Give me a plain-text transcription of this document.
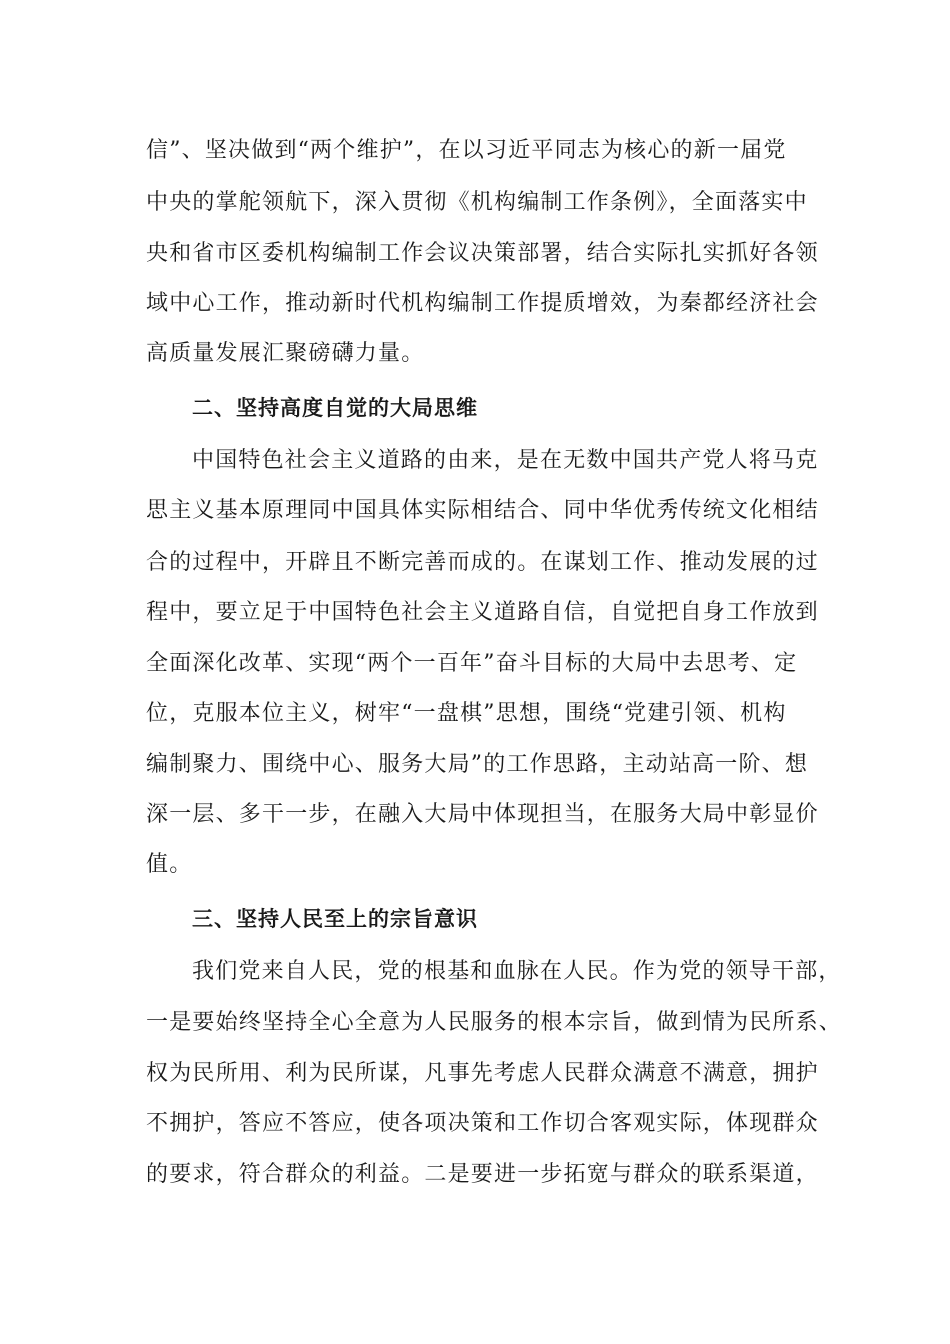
信”、坚决做到“两个维护”，在以习近平同志为核心的新一届党
中央的掌舵领航下，深入贯彻《机构编制工作条例》，全面落实中
央和省市区委机构编制工作会议决策部署，结合实际扎实抓好各领
域中心工作，推动新时代机构编制工作提质增效，为秦都经济社会
高质量发展汇聚磅礴力量。
二、坚持高度自觉的大局思维
中国特色社会主义道路的由来，是在无数中国共产党人将马克
思主义基本原理同中国具体实际相结合、同中华优秀传统文化相结
合的过程中，开辟且不断完善而成的。在谋划工作、推动发展的过
程中，要立足于中国特色社会主义道路自信，自觉把自身工作放到
全面深化改革、实现“两个一百年”奋斗目标的大局中去思考、定
位，克服本位主义，树牢“一盘棋”思想，围绕“党建引领、机构
编制聚力、围绕中心、服务大局”的工作思路，主动站高一阶、想
深一层、多干一步，在融入大局中体现担当，在服务大局中彰显价
值。
三、坚持人民至上的宗旨意识
我们党来自人民，党的根基和血脉在人民。作为党的领导干部，
一是要始终坚持全心全意为人民服务的根本宗旨，做到情为民所系、
权为民所用、利为民所谋，凡事先考虑人民群众满意不满意，拥护
不拥护，答应不答应，使各项决策和工作切合客观实际，体现群众
的要求，符合群众的利益。二是要进一步拓宽与群众的联系渠道，
